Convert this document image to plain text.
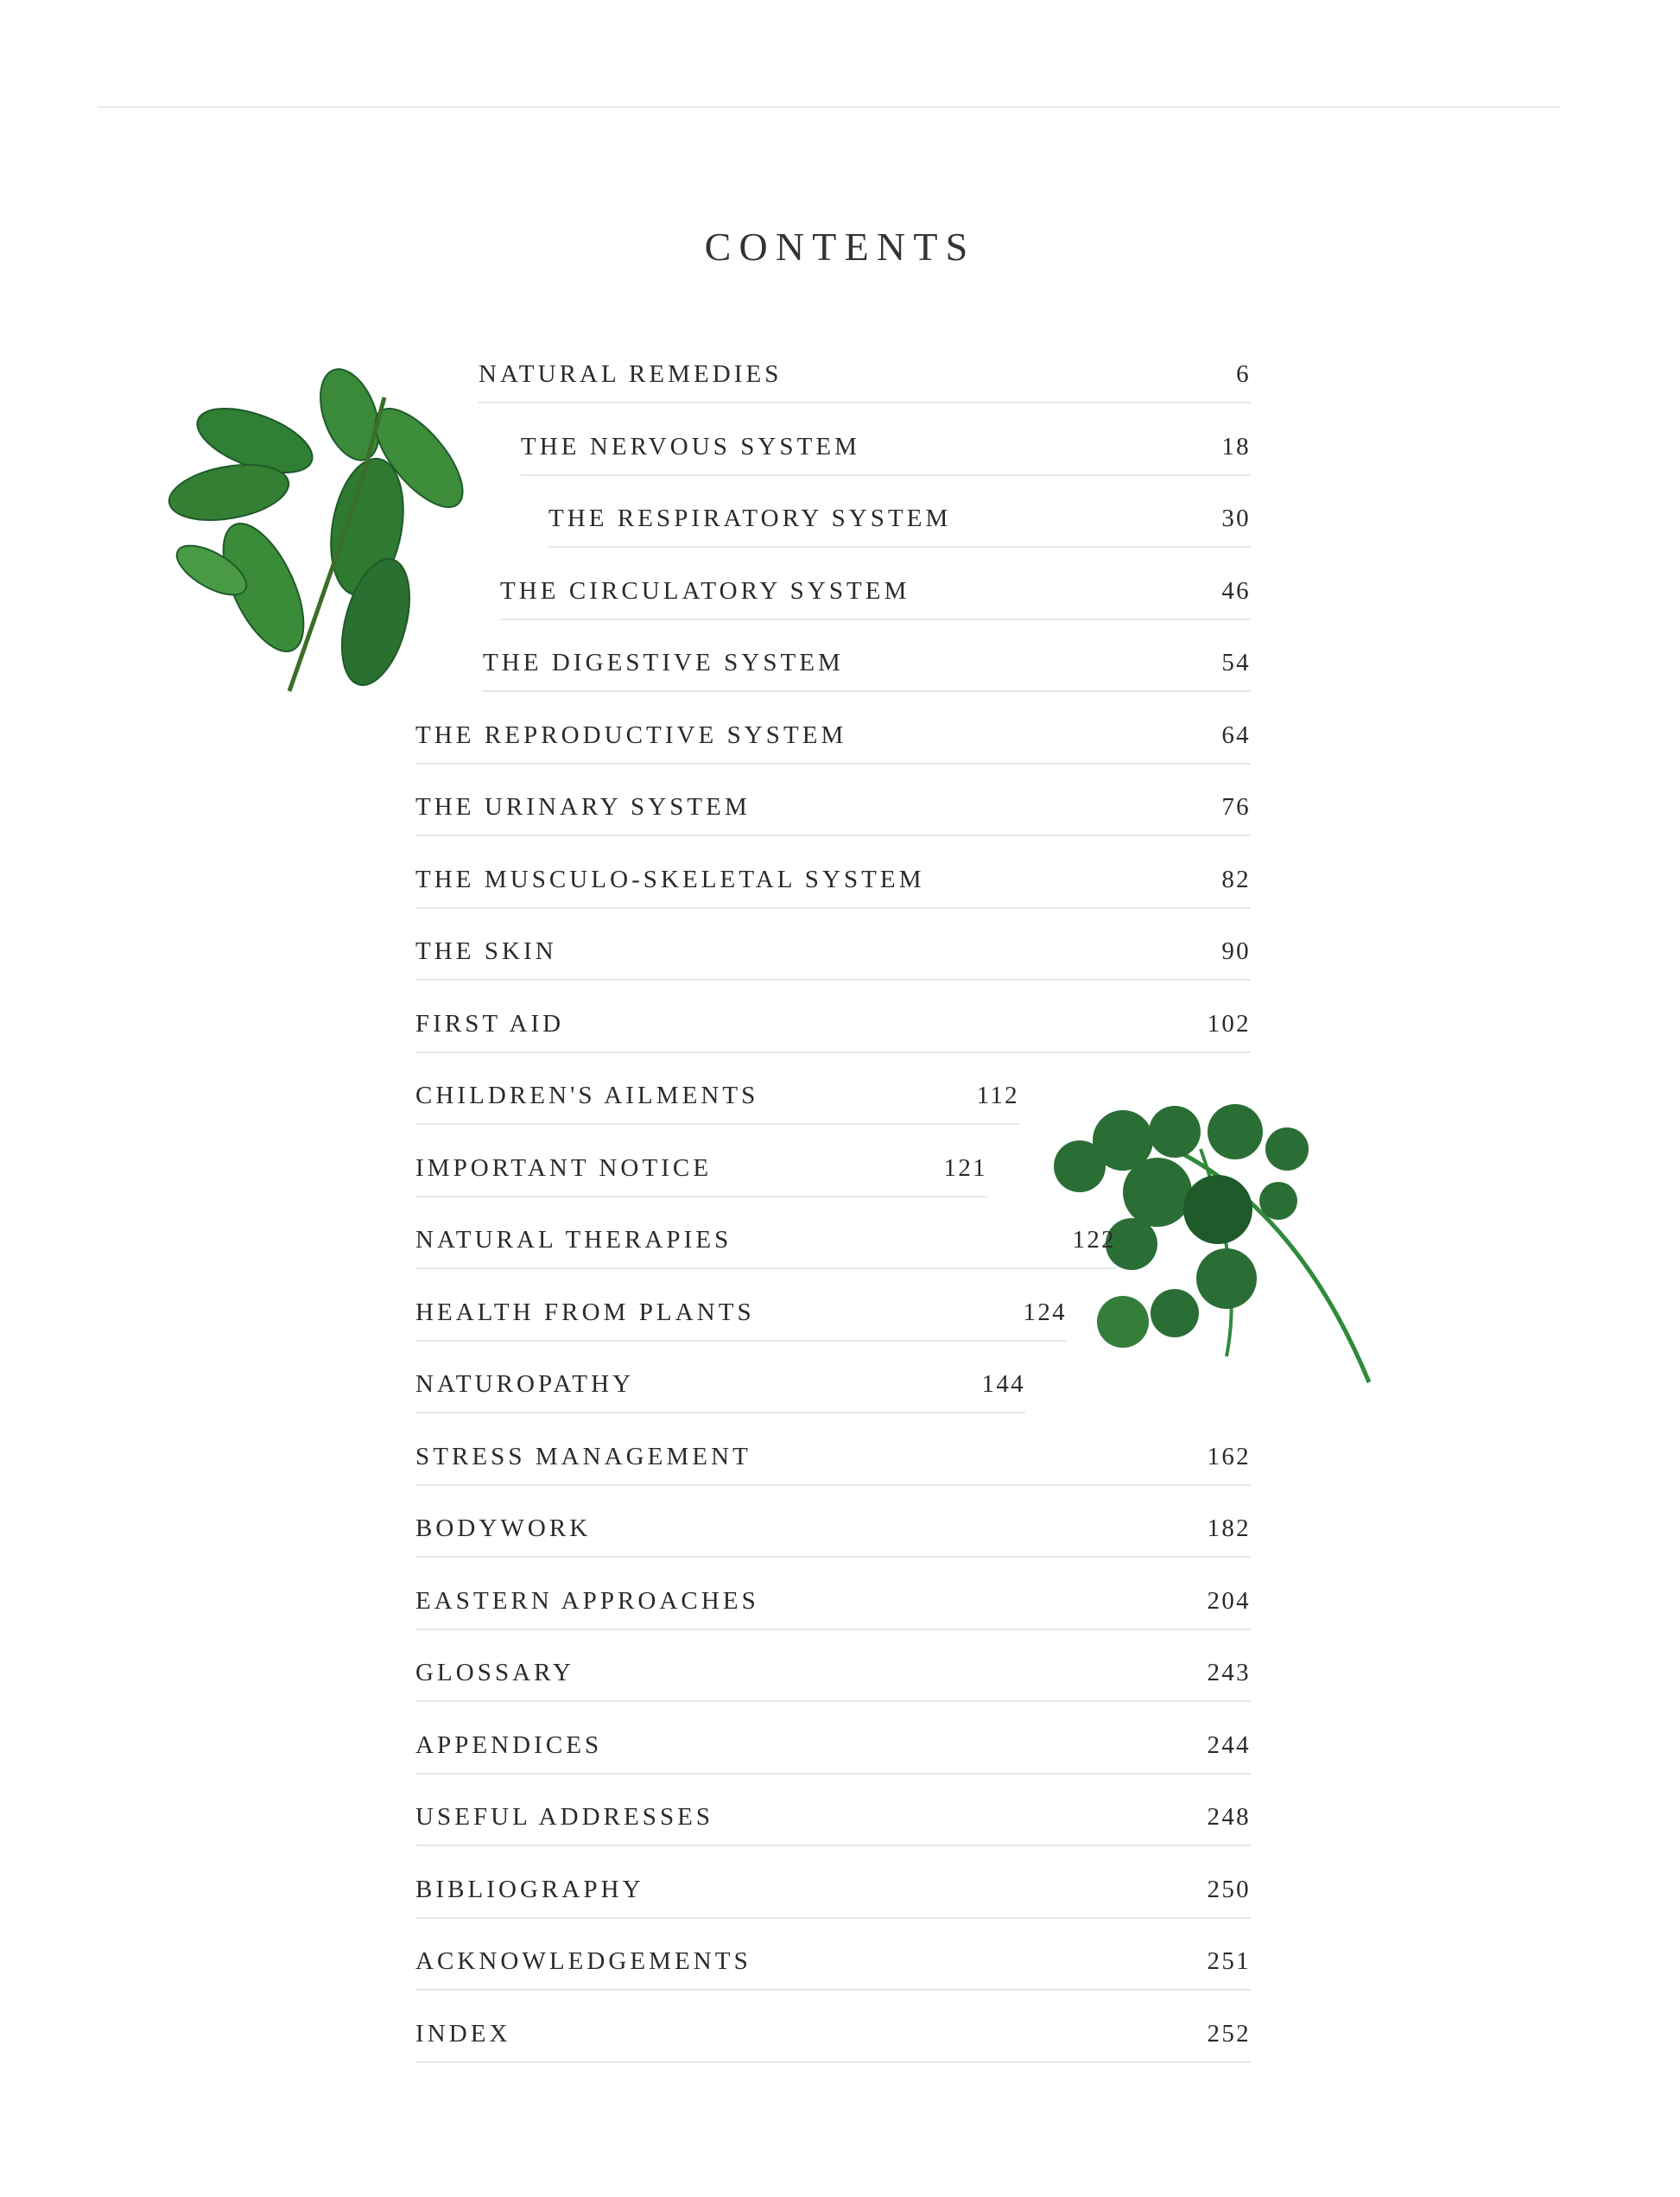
CONTENTS
NATURAL REMEDIES	6
THE NERVOUS SYSTEM	18
THE RESPIRATORY SYSTEM	30
THE CIRCULATORY SYSTEM	46
THE DIGESTIVE SYSTEM	54
THE REPRODUCTIVE SYSTEM	64
THE URINARY SYSTEM	76
THE MUSCULO-SKELETAL SYSTEM	82
THE SKIN	90
FIRST AID	102
CHILDREN'S AILMENTS	112
IMPORTANT NOTICE	121
NATURAL THERAPIES	122
HEALTH FROM PLANTS	124
NATUROPATHY	144
STRESS MANAGEMENT	162
BODYWORK	182
EASTERN APPROACHES	204
GLOSSARY	243
APPENDICES	244
USEFUL ADDRESSES	248
BIBLIOGRAPHY	250
ACKNOWLEDGEMENTS	251
INDEX	252
